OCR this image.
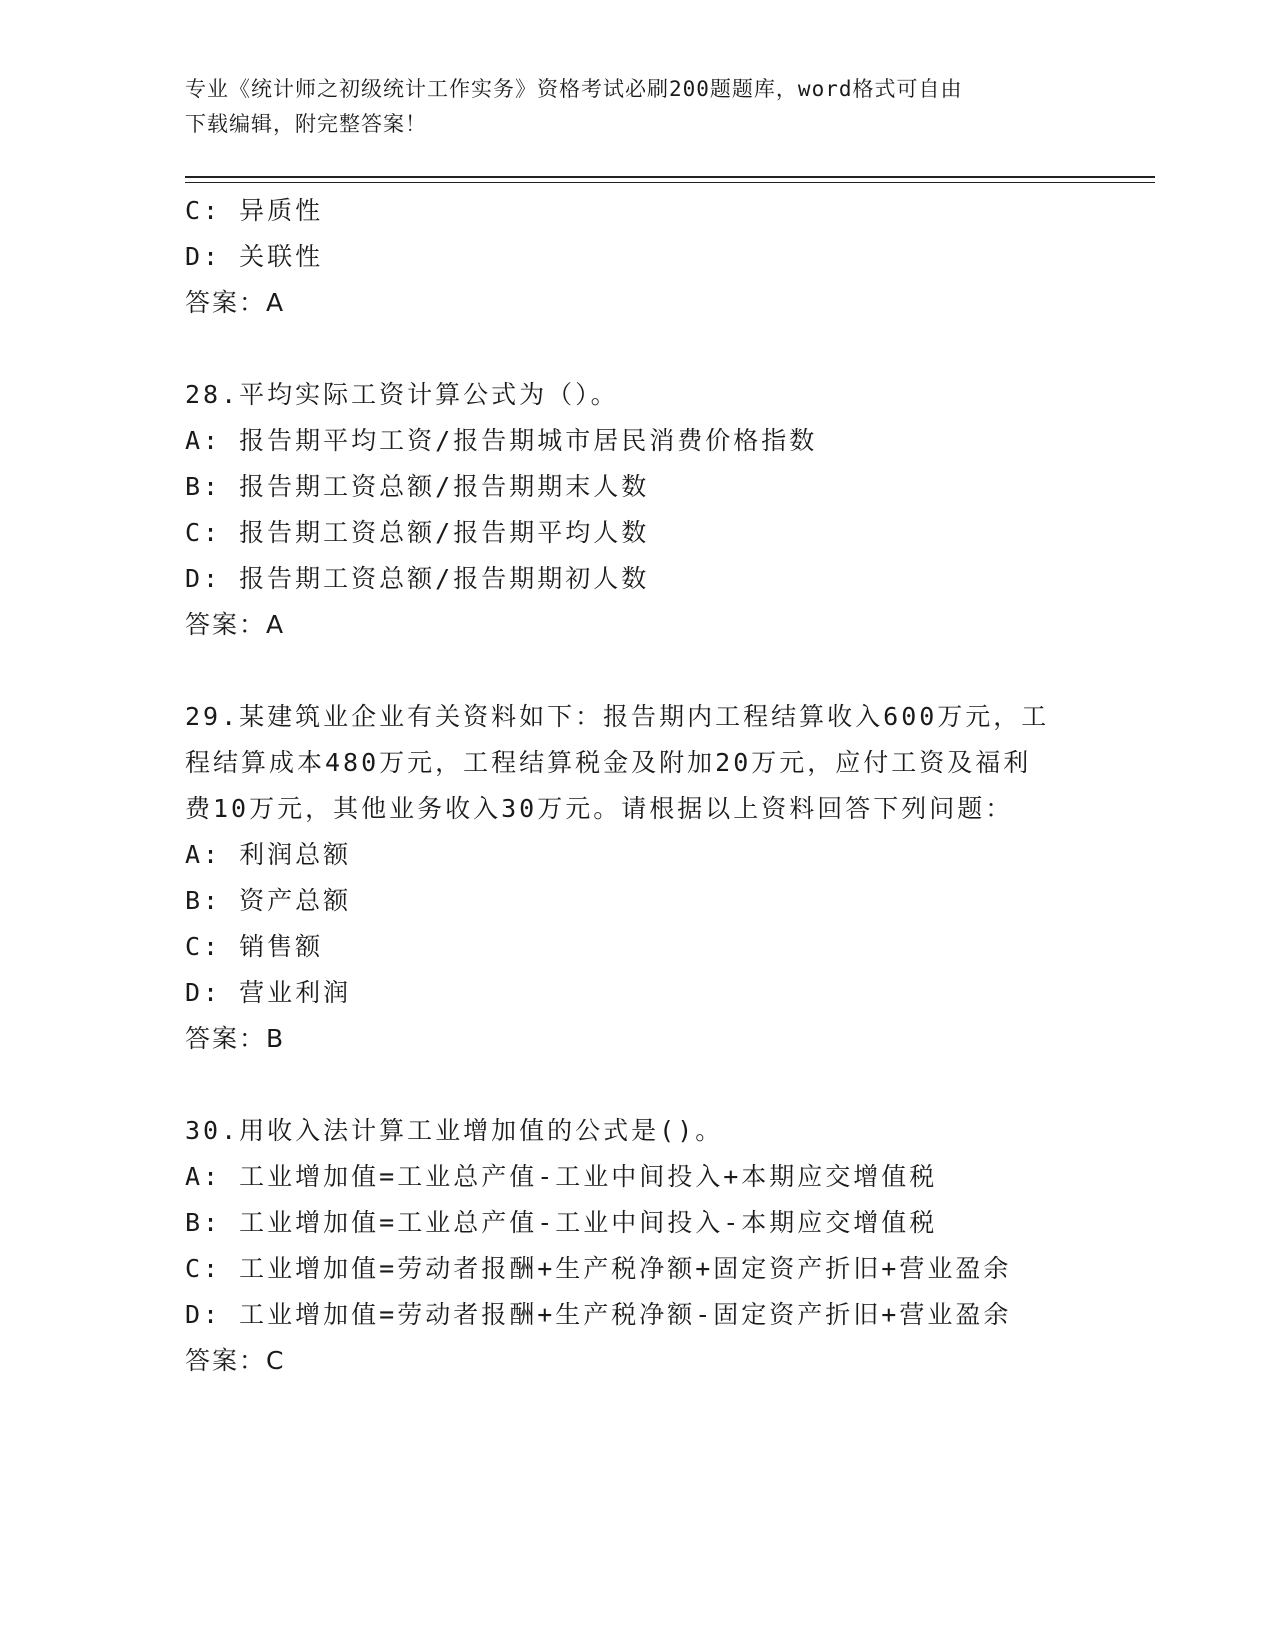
专业《统计师之初级统计工作实务》资格考试必刷200题题库，word格式可自由
下载编辑，附完整答案！
C: 异质性
D: 关联性
答案：A
28.平均实际工资计算公式为（）。
A: 报告期平均工资/报告期城市居民消费价格指数
B: 报告期工资总额/报告期期末人数
C: 报告期工资总额/报告期平均人数
D: 报告期工资总额/报告期期初人数
答案：A
29.某建筑业企业有关资料如下：报告期内工程结算收入600万元，工
程结算成本480万元，工程结算税金及附加20万元，应付工资及福利
费10万元，其他业务收入30万元。请根据以上资料回答下列问题：
A: 利润总额
B: 资产总额
C: 销售额
D: 营业利润
答案：B
30.用收入法计算工业增加值的公式是()。
A: 工业增加值=工业总产值-工业中间投入+本期应交增值税
B: 工业增加值=工业总产值-工业中间投入-本期应交增值税
C: 工业增加值=劳动者报酬+生产税净额+固定资产折旧+营业盈余
D: 工业增加值=劳动者报酬+生产税净额-固定资产折旧+营业盈余
答案：C
